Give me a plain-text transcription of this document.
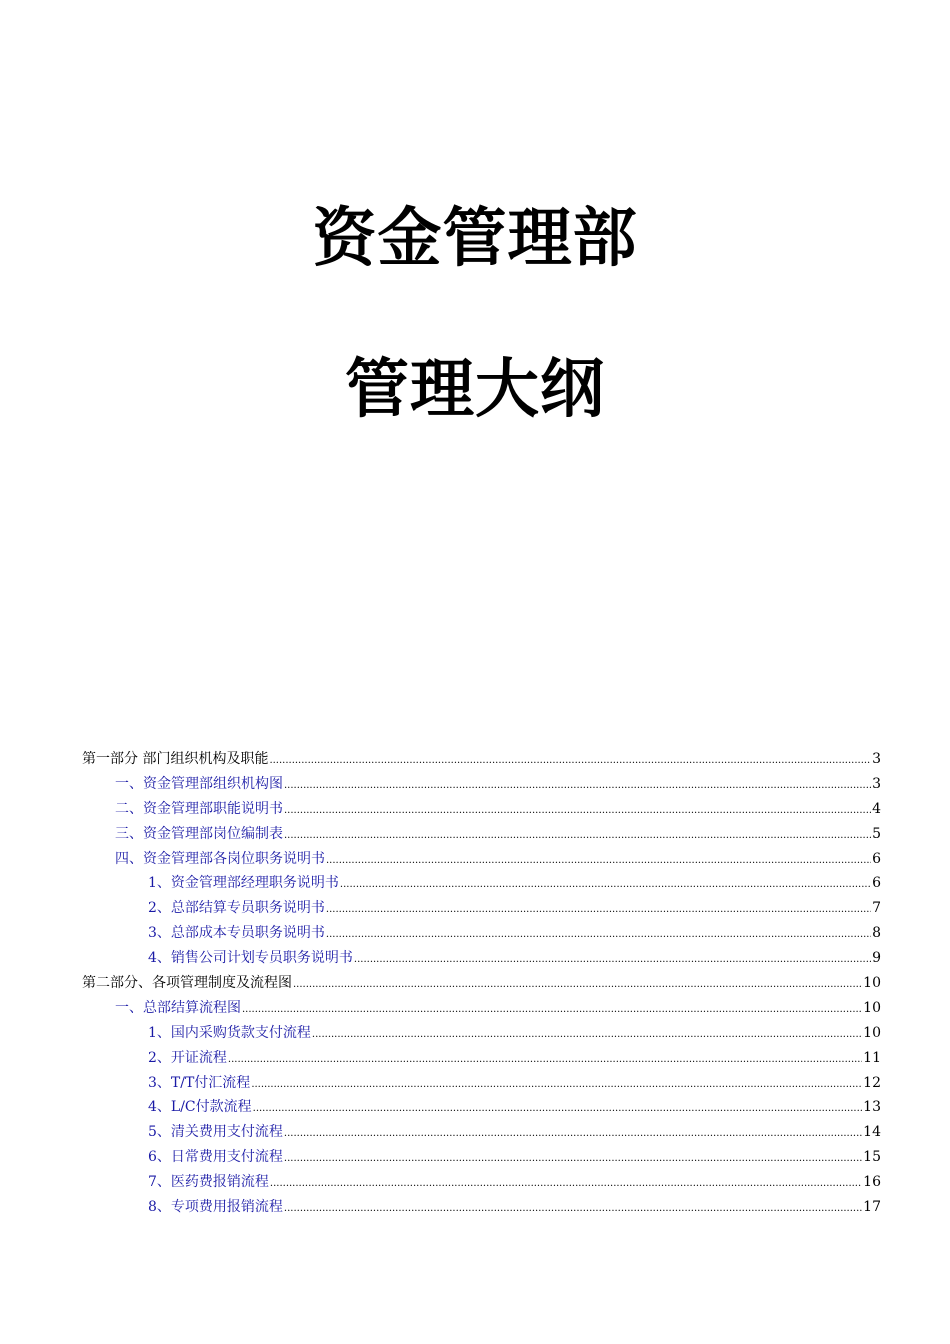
资金管理部
管理大纲
第一部分 部门组织机构及职能 .....	3
一、资金管理部组织机构图 .....	3
二、资金管理部职能说明书 .....	4
三、资金管理部岗位编制表 .....	5
四、资金管理部各岗位职务说明书 .....	6
1、资金管理部经理职务说明书 .....	6
2、总部结算专员职务说明书 .....	7
3、总部成本专员职务说明书 .....	8
4、销售公司计划专员职务说明书 .....	9
第二部分、各项管理制度及流程图 .....	10
一、总部结算流程图 .....	10
1、国内采购货款支付流程 .....	10
2、开证流程 .....	11
3、T/T付汇流程 .....	12
4、L/C付款流程 .....	13
5、清关费用支付流程 .....	14
6、日常费用支付流程 .....	15
7、医药费报销流程 .....	16
8、专项费用报销流程 .....	17
